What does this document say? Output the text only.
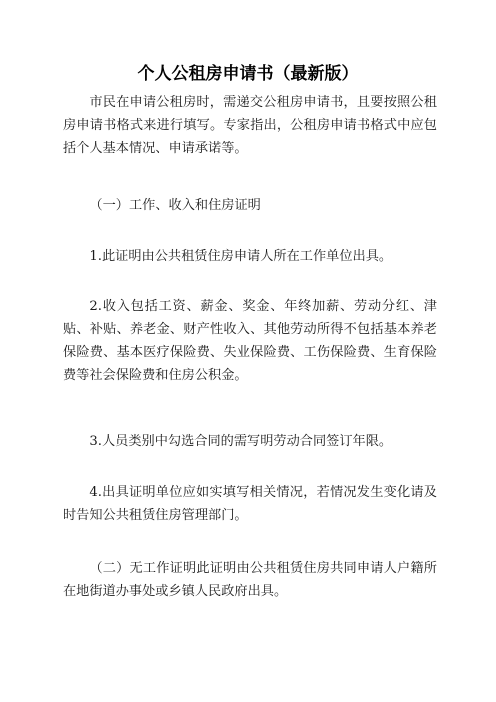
个人公租房申请书（最新版）

市民在申请公租房时，需递交公租房申请书，且要按照公租房申请书格式来进行填写。专家指出，公租房申请书格式中应包括个人基本情况、申请承诺等。

（一）工作、收入和住房证明

1.此证明由公共租赁住房申请人所在工作单位出具。

2.收入包括工资、薪金、奖金、年终加薪、劳动分红、津贴、补贴、养老金、财产性收入、其他劳动所得不包括基本养老保险费、基本医疗保险费、失业保险费、工伤保险费、生育保险费等社会保险费和住房公积金。

3.人员类别中勾选合同的需写明劳动合同签订年限。

4.出具证明单位应如实填写相关情况，若情况发生变化请及时告知公共租赁住房管理部门。

（二）无工作证明此证明由公共租赁住房共同申请人户籍所在地街道办事处或乡镇人民政府出具。
